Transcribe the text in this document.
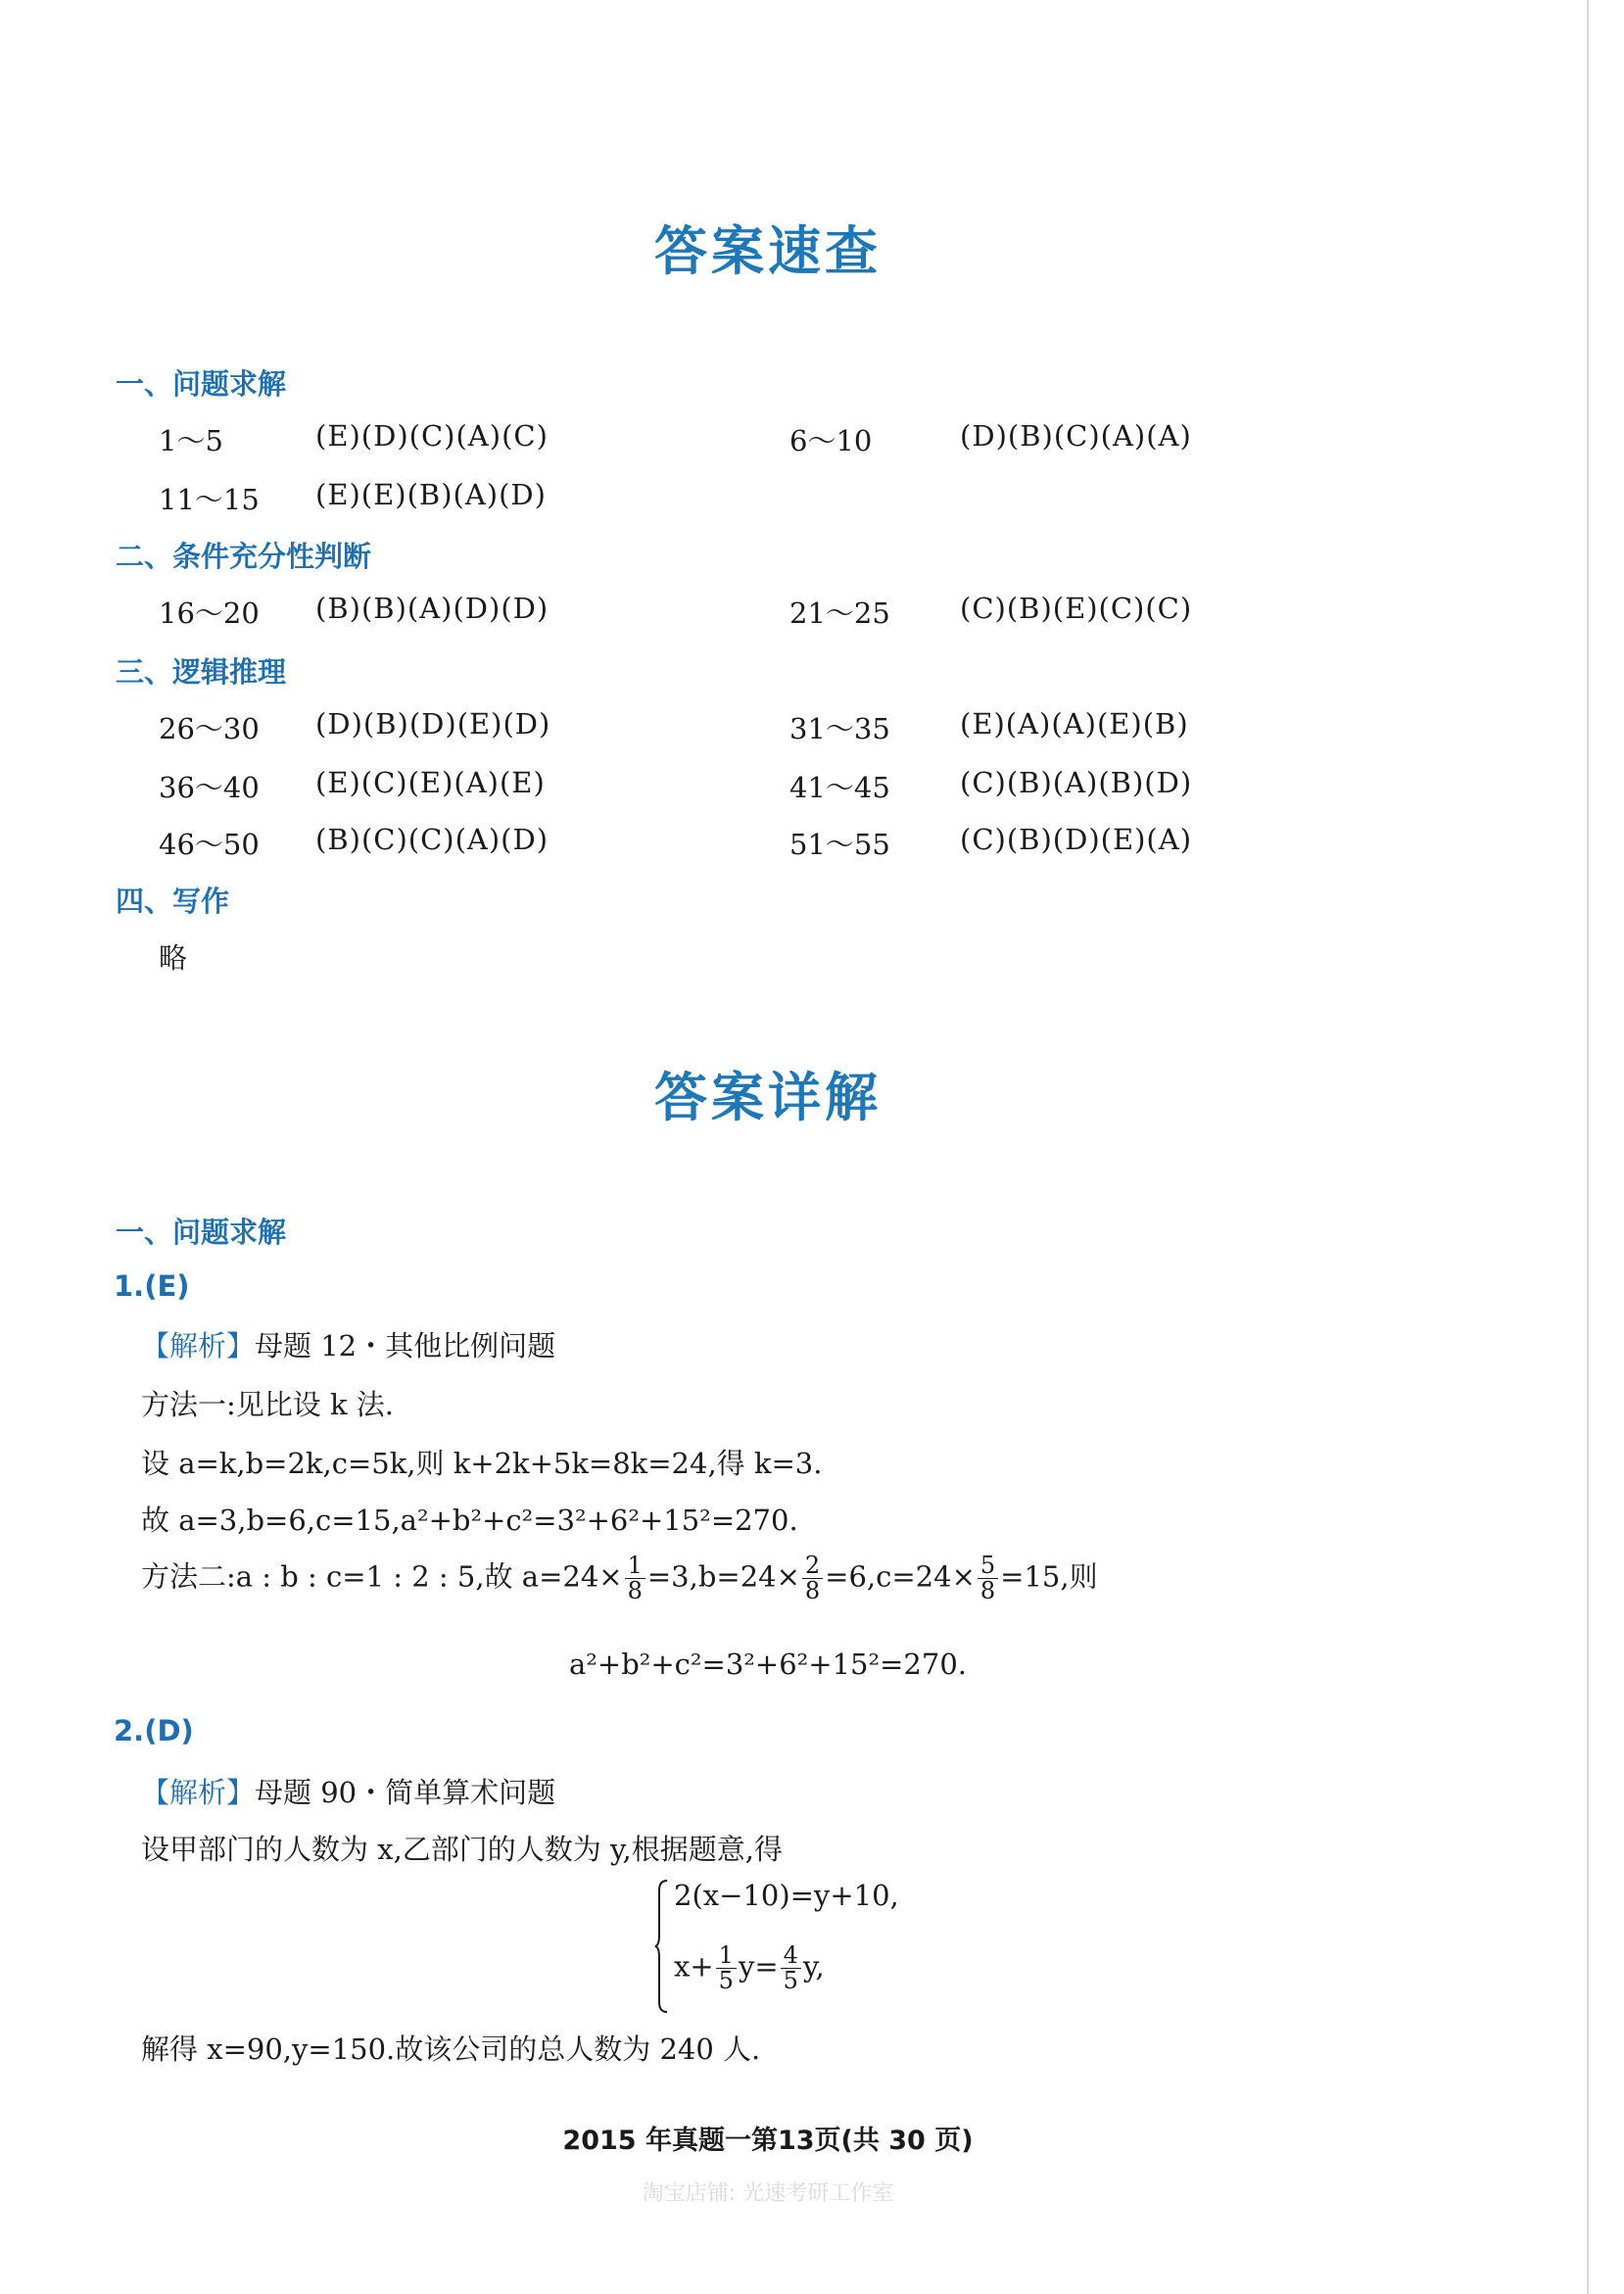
答案速查
一、问题求解
1～5	(E)(D)(C)(A)(C)	6～10	(D)(B)(C)(A)(A)
11～15 (E)(E)(B)(A)(D)
二、条件充分性判断
16～20 (B)(B)(A)(D)(D)	21～25 (C)(B)(E)(C)(C)
三、逻辑推理
26～30 (D)(B)(D)(E)(D)	31～35 (E)(A)(A)(E)(B)
36～40 (E)(C)(E)(A)(E)	41～45 (C)(B)(A)(B)(D)
46～50 (B)(C)(C)(A)(D)	51～55 (C)(B)(D)(E)(A)
四、写作
略
答案详解
一、问题求解
1.(E)
【解析】母题 12・其他比例问题
方法一:见比设 k 法.
设 a=k,b=2k,c=5k,则 k+2k+5k=8k=24,得 k=3.
故 a=3,b=6,c=15,a²+b²+c²=3²+6²+15²=270.
方法二:a : b : c=1 : 2 : 5,故 $a=24\times \frac{1}{8} =3,b=24\times \frac{2}{8} =6,c=24\times \frac{5}{8} =15$,则
a²+b²+c²=3²+6²+15²=270.
2.(D)
【解析】母题 90・简单算术问题
设甲部门的人数为 x,乙部门的人数为 y,根据题意,得
2(x−10)=y+10,
$x+ \frac{1}{5} y= \frac{4}{5} y$,
解得 x=90,y=150.故该公司的总人数为 240 人.
2015 年真题一第13页(共 30 页)
淘宝店铺: 光速考研工作室
